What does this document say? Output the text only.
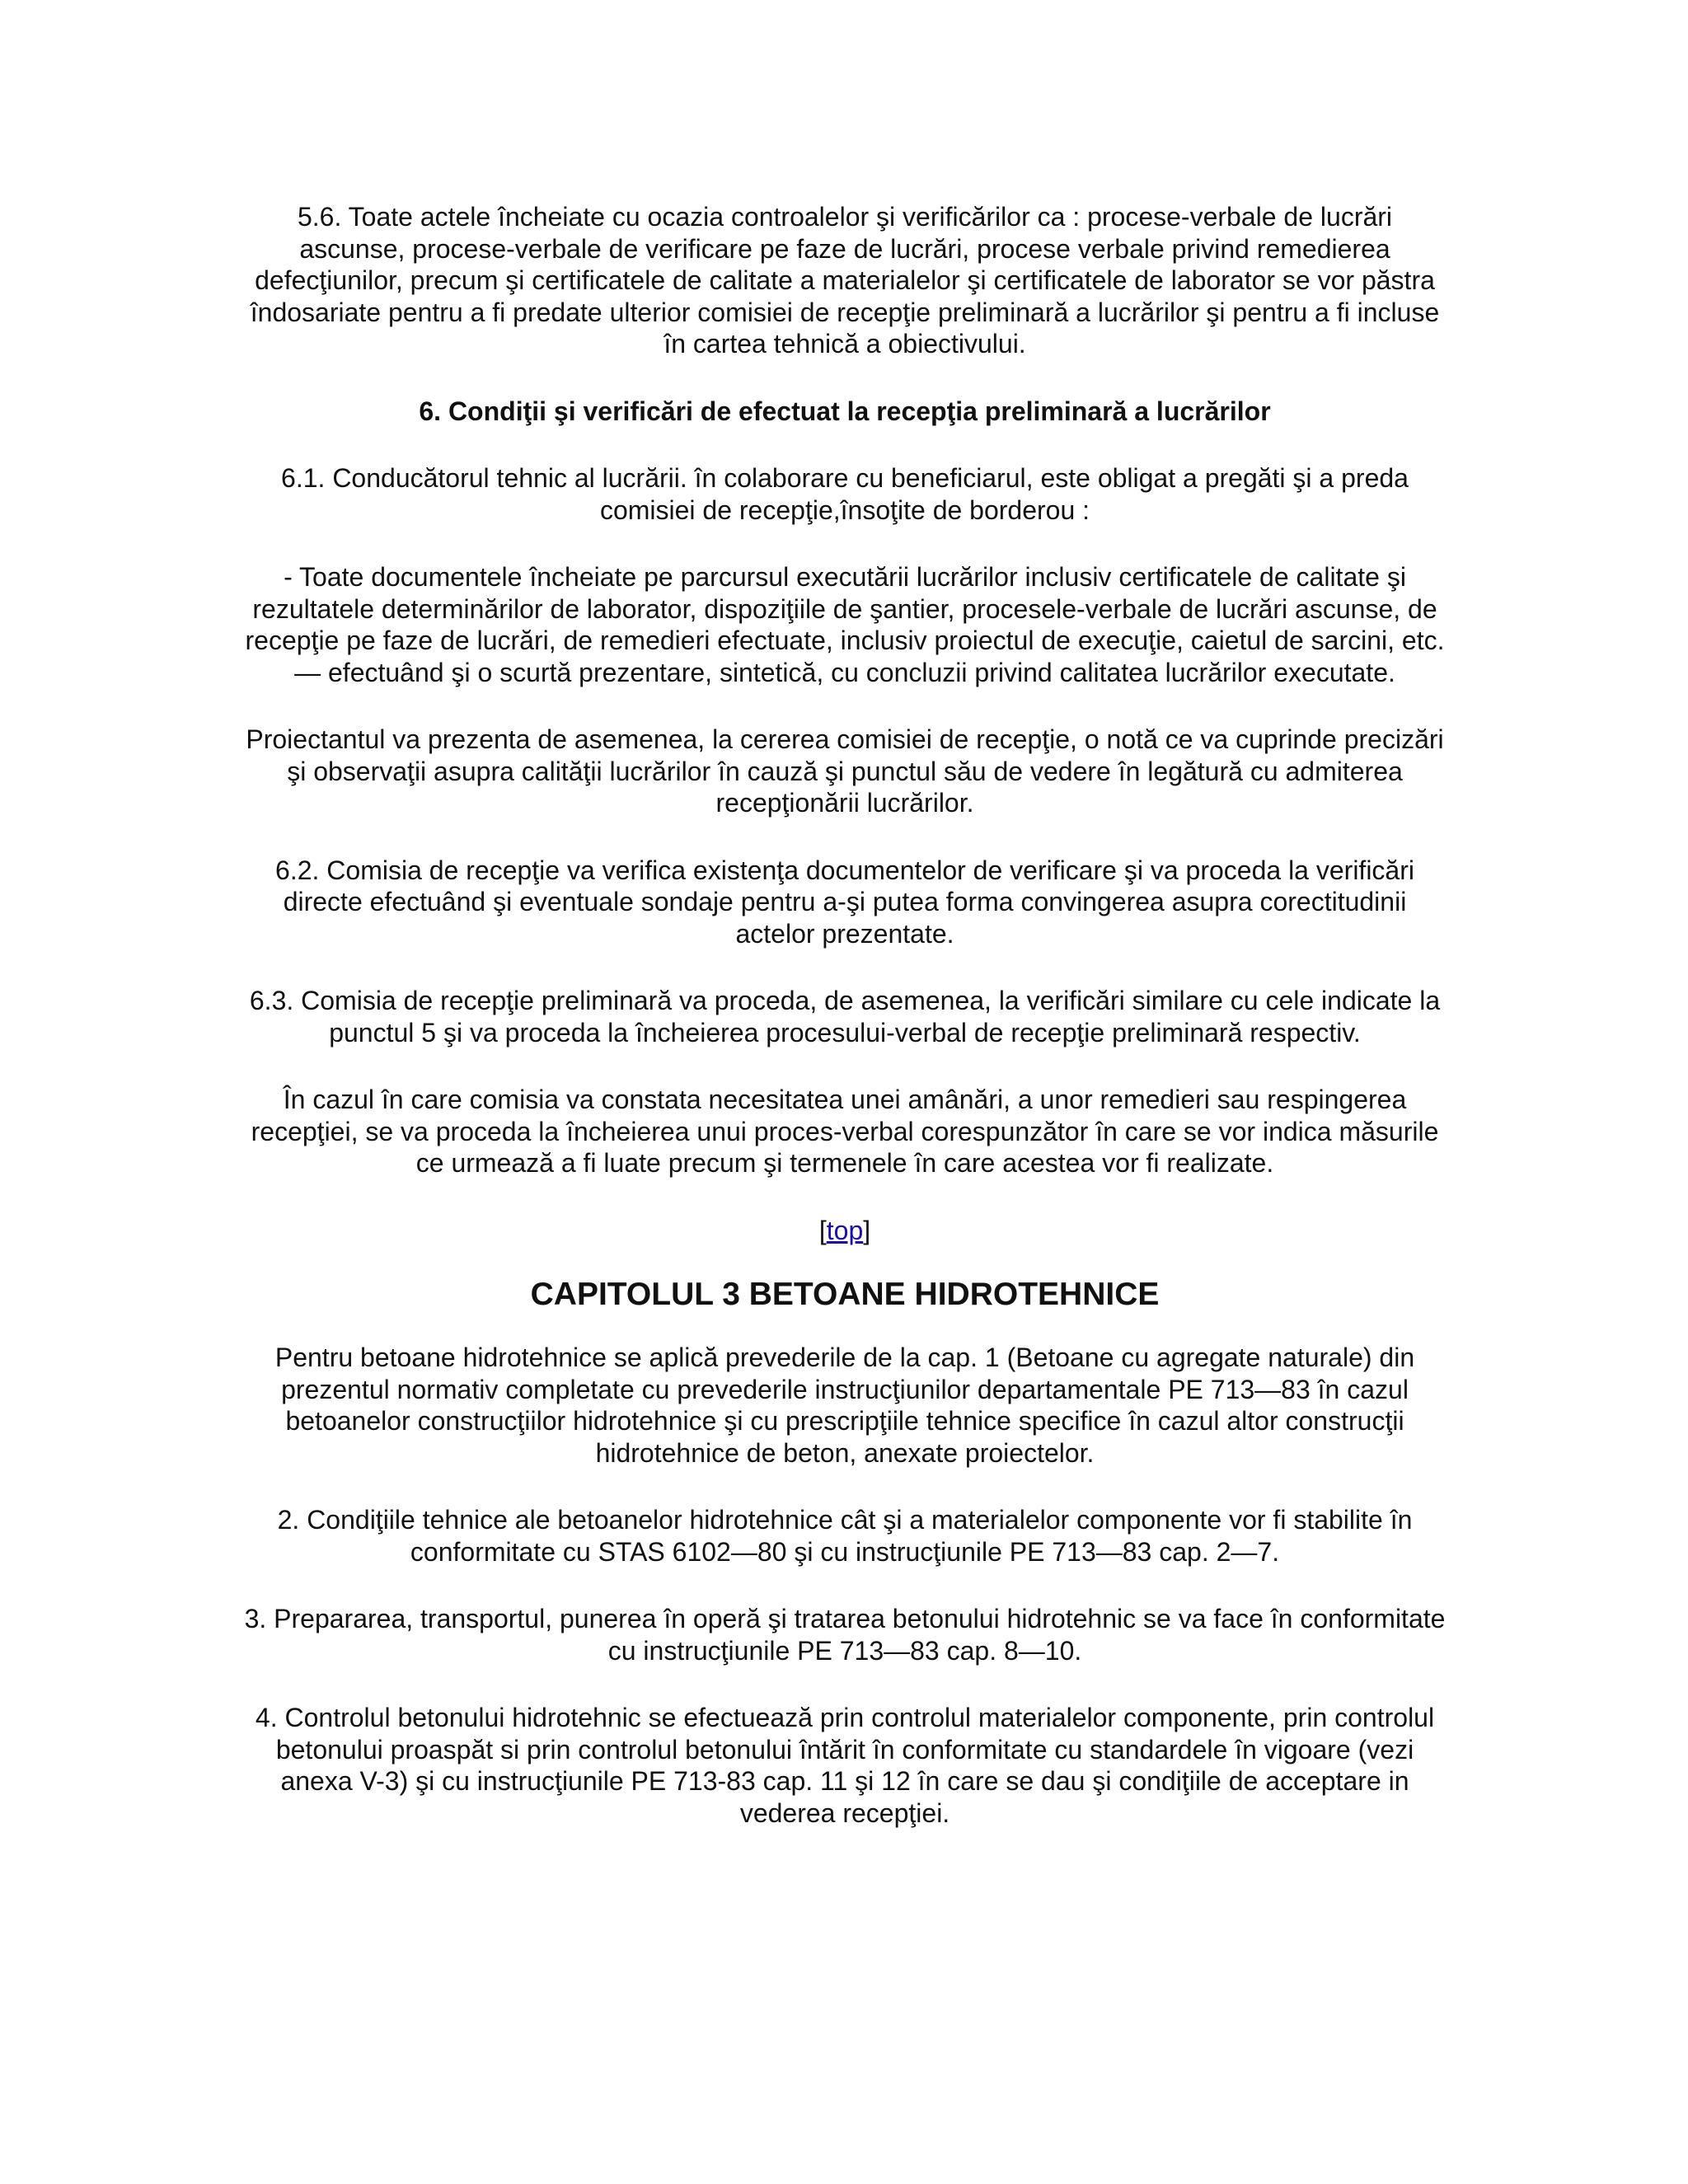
5.6. Toate actele încheiate cu ocazia controalelor şi verificărilor ca : procese-verbale de lucrări ascunse, procese-verbale de verificare pe faze de lucrări, procese verbale privind remedierea defecţiunilor, precum şi certificatele de calitate a materialelor şi certificatele de laborator se vor păstra îndosariate pentru a fi predate ulterior comisiei de recepţie preliminară a lucrărilor şi pentru a fi incluse în cartea tehnică a obiectivului.

6. Condiţii şi verificări de efectuat la recepţia preliminară a lucrărilor

6.1. Conducătorul tehnic al lucrării. în colaborare cu beneficiarul, este obligat a pregăti şi a preda comisiei de recepţie,însoţite de borderou :

- Toate documentele încheiate pe parcursul executării lucrărilor inclusiv certificatele de calitate şi rezultatele determinărilor de laborator, dispoziţiile de şantier, procesele-verbale de lucrări ascunse, de recepţie pe faze de lucrări, de remedieri efectuate, inclusiv proiectul de execuţie, caietul de sarcini, etc. — efectuând şi o scurtă prezentare, sintetică, cu concluzii privind calitatea lucrărilor executate.

Proiectantul va prezenta de asemenea, la cererea comisiei de recepţie, o notă ce va cuprinde precizări şi observaţii asupra calităţii lucrărilor în cauză şi punctul său de vedere în legătură cu admiterea recepţionării lucrărilor.

6.2. Comisia de recepţie va verifica existenţa documentelor de verificare şi va proceda la verificări directe efectuând şi eventuale sondaje pentru a-şi putea forma convingerea asupra corectitudinii actelor prezentate.

6.3. Comisia de recepţie preliminară va proceda, de asemenea, la verificări similare cu cele indicate la punctul 5 şi va proceda la încheierea procesului-verbal de recepţie preliminară respectiv.

În cazul în care comisia va constata necesitatea unei amânări, a unor remedieri sau respingerea recepţiei, se va proceda la încheierea unui proces-verbal corespunzător în care se vor indica măsurile ce urmează a fi luate precum şi termenele în care acestea vor fi realizate.

[top]

CAPITOLUL 3 BETOANE HIDROTEHNICE

Pentru betoane hidrotehnice se aplică prevederile de la cap. 1 (Betoane cu agregate naturale) din prezentul normativ completate cu prevederile instrucţiunilor departamentale PE 713—83 în cazul betoanelor construcţiilor hidrotehnice şi cu prescripţiile tehnice specifice în cazul altor construcţii hidrotehnice de beton, anexate proiectelor.

2. Condiţiile tehnice ale betoanelor hidrotehnice cât şi a materialelor componente vor fi stabilite în conformitate cu STAS 6102—80 şi cu instrucţiunile PE 713—83 cap. 2—7.

3. Prepararea, transportul, punerea în operă şi tratarea betonului hidrotehnic se va face în conformitate cu instrucţiunile PE 713—83 cap. 8—10.

4. Controlul betonului hidrotehnic se efectuează prin controlul materialelor componente, prin controlul betonului proaspăt si prin controlul betonului întărit în conformitate cu standardele în vigoare (vezi anexa V-3) şi cu instrucţiunile PE 713-83 cap. 11 şi 12 în care se dau şi condiţiile de acceptare in vederea recepţiei.
